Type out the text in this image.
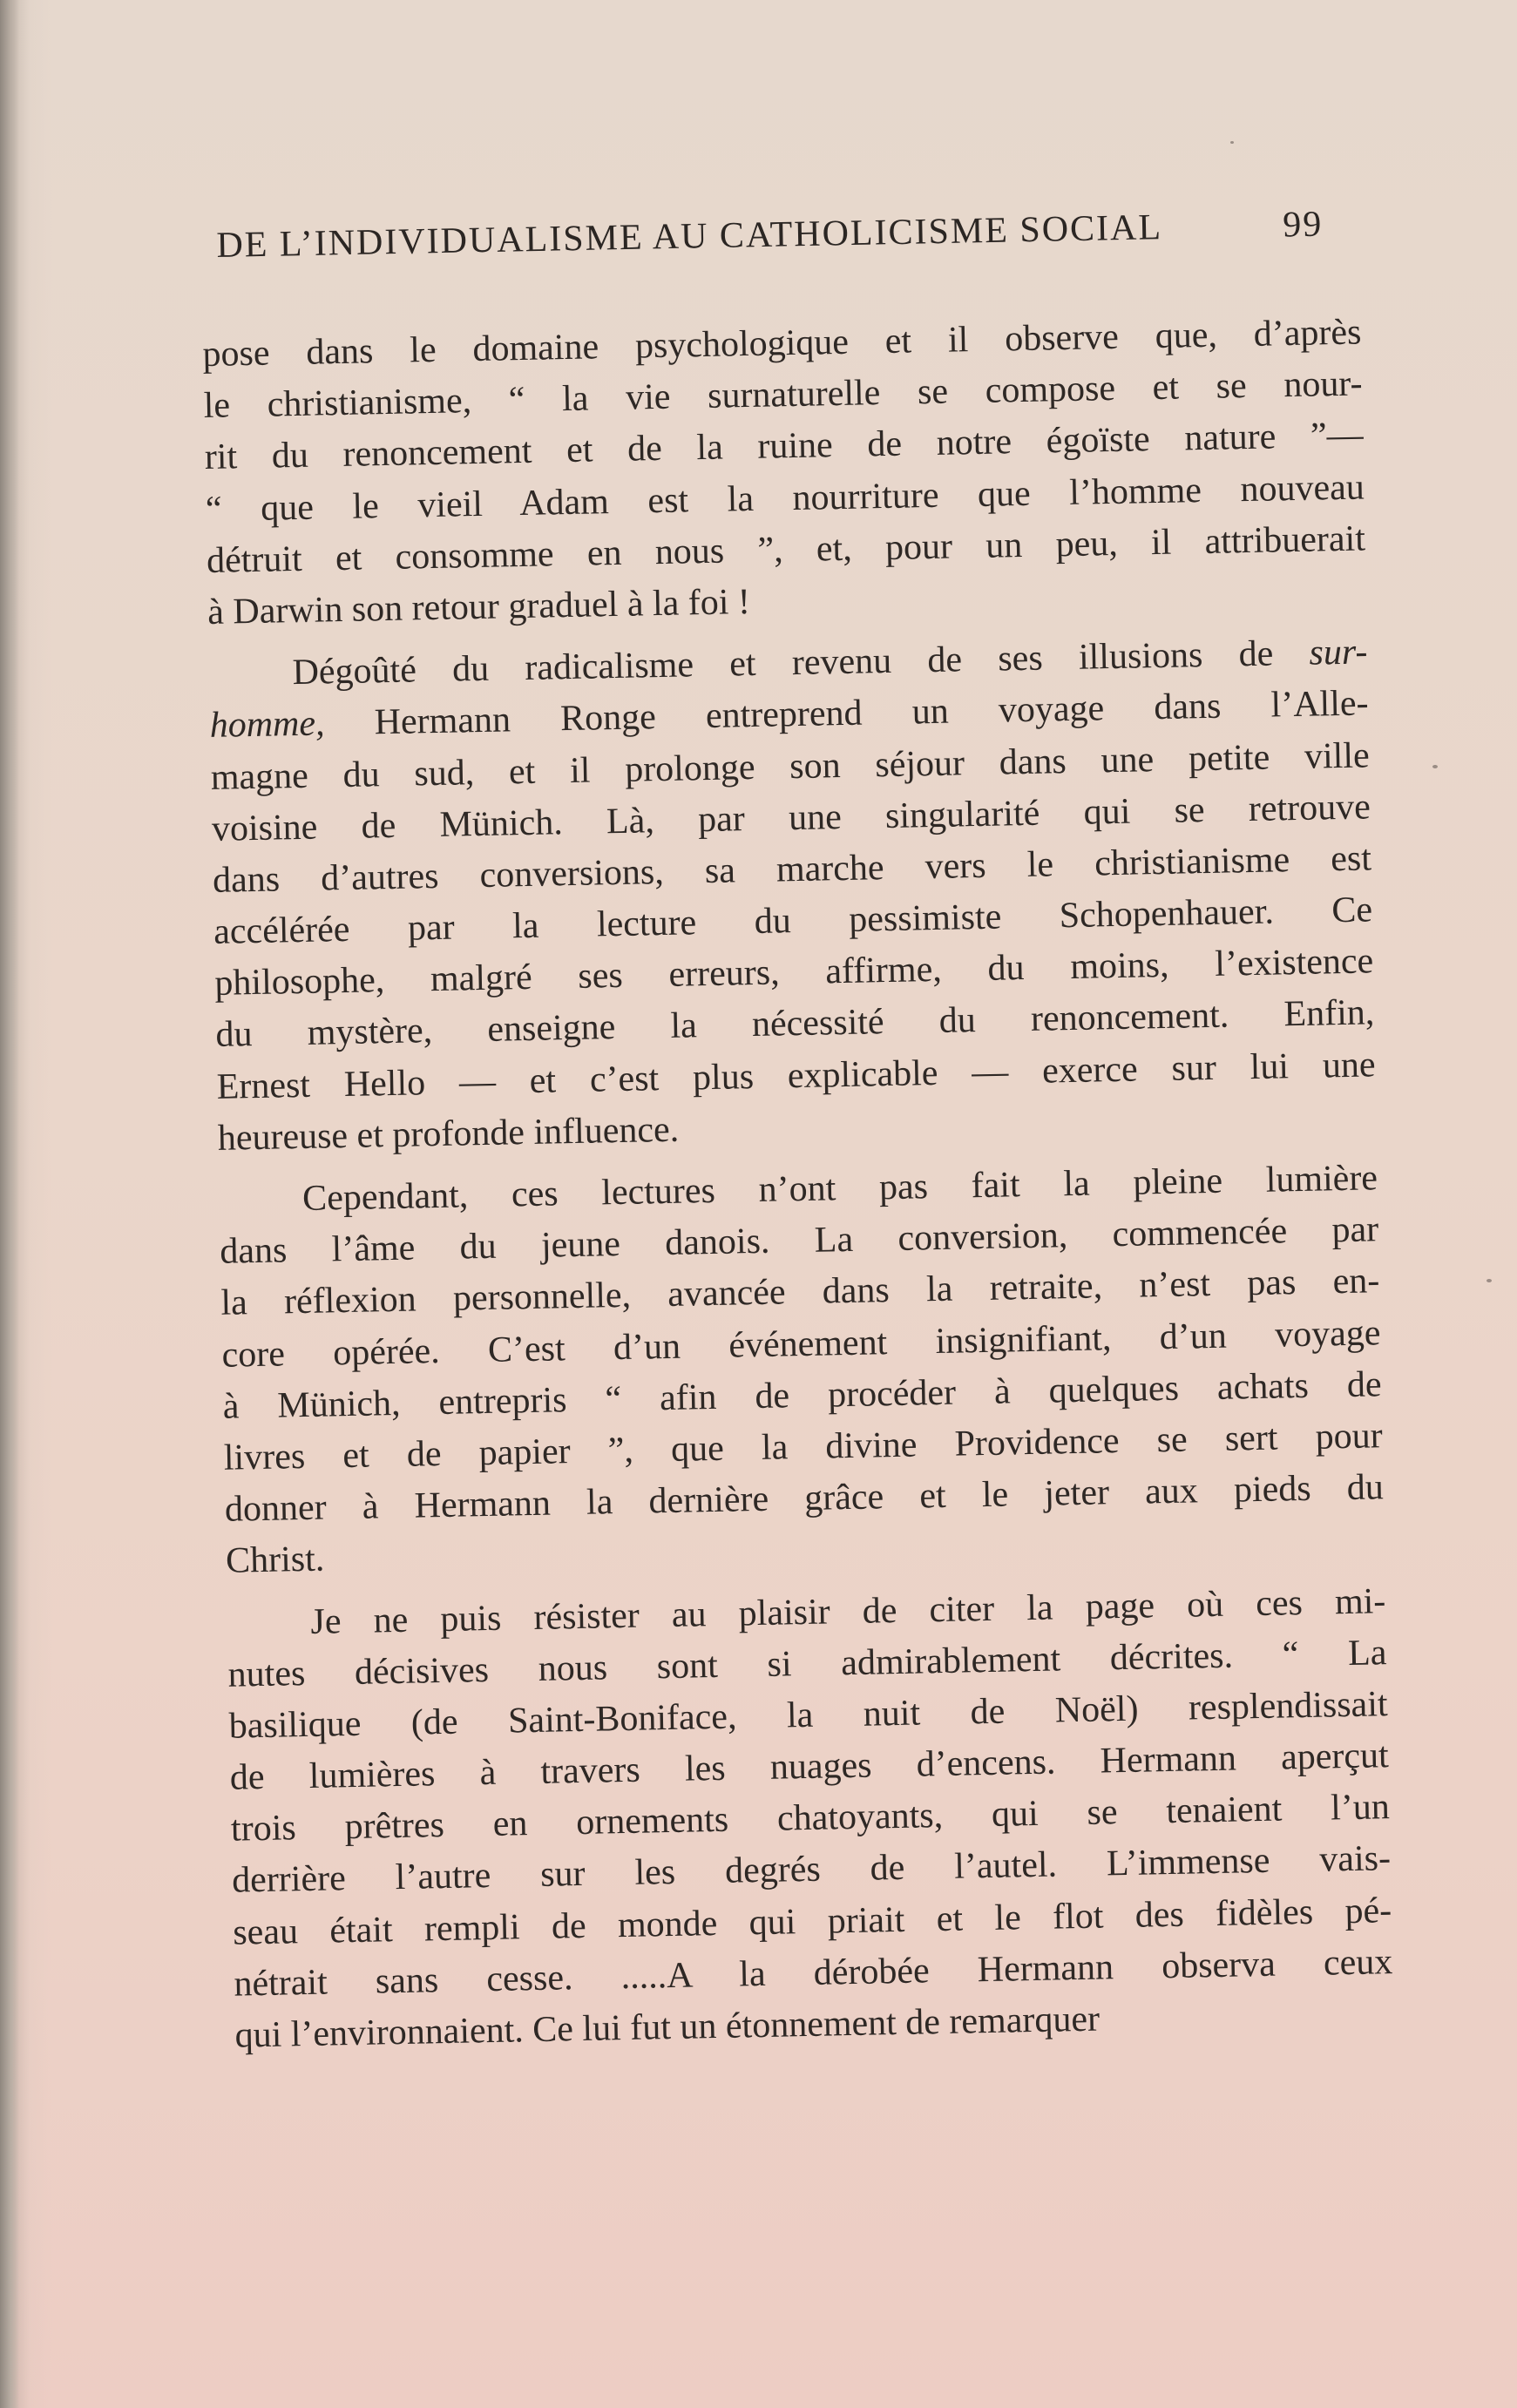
DE L’INDIVIDUALISME AU CATHOLICISME SOCIAL	99
pose dans le domaine psychologique et il observe que, d’après
le christianisme, “ la vie surnaturelle se compose et se nour-
rit du renoncement et de la ruine de notre égoïste nature ”—
“ que le vieil Adam est la nourriture que l’homme nouveau
détruit et consomme en nous ”, et, pour un peu, il attribuerait
à Darwin son retour graduel à la foi !
Dégoûté du radicalisme et revenu de ses illusions de sur-
homme, Hermann Ronge entreprend un voyage dans l’Alle-
magne du sud, et il prolonge son séjour dans une petite ville
voisine de Münich. Là, par une singularité qui se retrouve
dans d’autres conversions, sa marche vers le christianisme est
accélérée par la lecture du pessimiste Schopenhauer. Ce
philosophe, malgré ses erreurs, affirme, du moins, l’existence
du mystère, enseigne la nécessité du renoncement. Enfin,
Ernest Hello — et c’est plus explicable — exerce sur lui une
heureuse et profonde influence.
Cependant, ces lectures n’ont pas fait la pleine lumière
dans l’âme du jeune danois. La conversion, commencée par
la réflexion personnelle, avancée dans la retraite, n’est pas en-
core opérée. C’est d’un événement insignifiant, d’un voyage
à Münich, entrepris “ afin de procéder à quelques achats de
livres et de papier ”, que la divine Providence se sert pour
donner à Hermann la dernière grâce et le jeter aux pieds du
Christ.
Je ne puis résister au plaisir de citer la page où ces mi-
nutes décisives nous sont si admirablement décrites. “ La
basilique (de Saint-Boniface, la nuit de Noël) resplendissait
de lumières à travers les nuages d’encens. Hermann aperçut
trois prêtres en ornements chatoyants, qui se tenaient l’un
derrière l’autre sur les degrés de l’autel. L’immense vais-
seau était rempli de monde qui priait et le flot des fidèles pé-
nétrait sans cesse. .....A la dérobée Hermann observa ceux
qui l’environnaient. Ce lui fut un étonnement de remarquer
